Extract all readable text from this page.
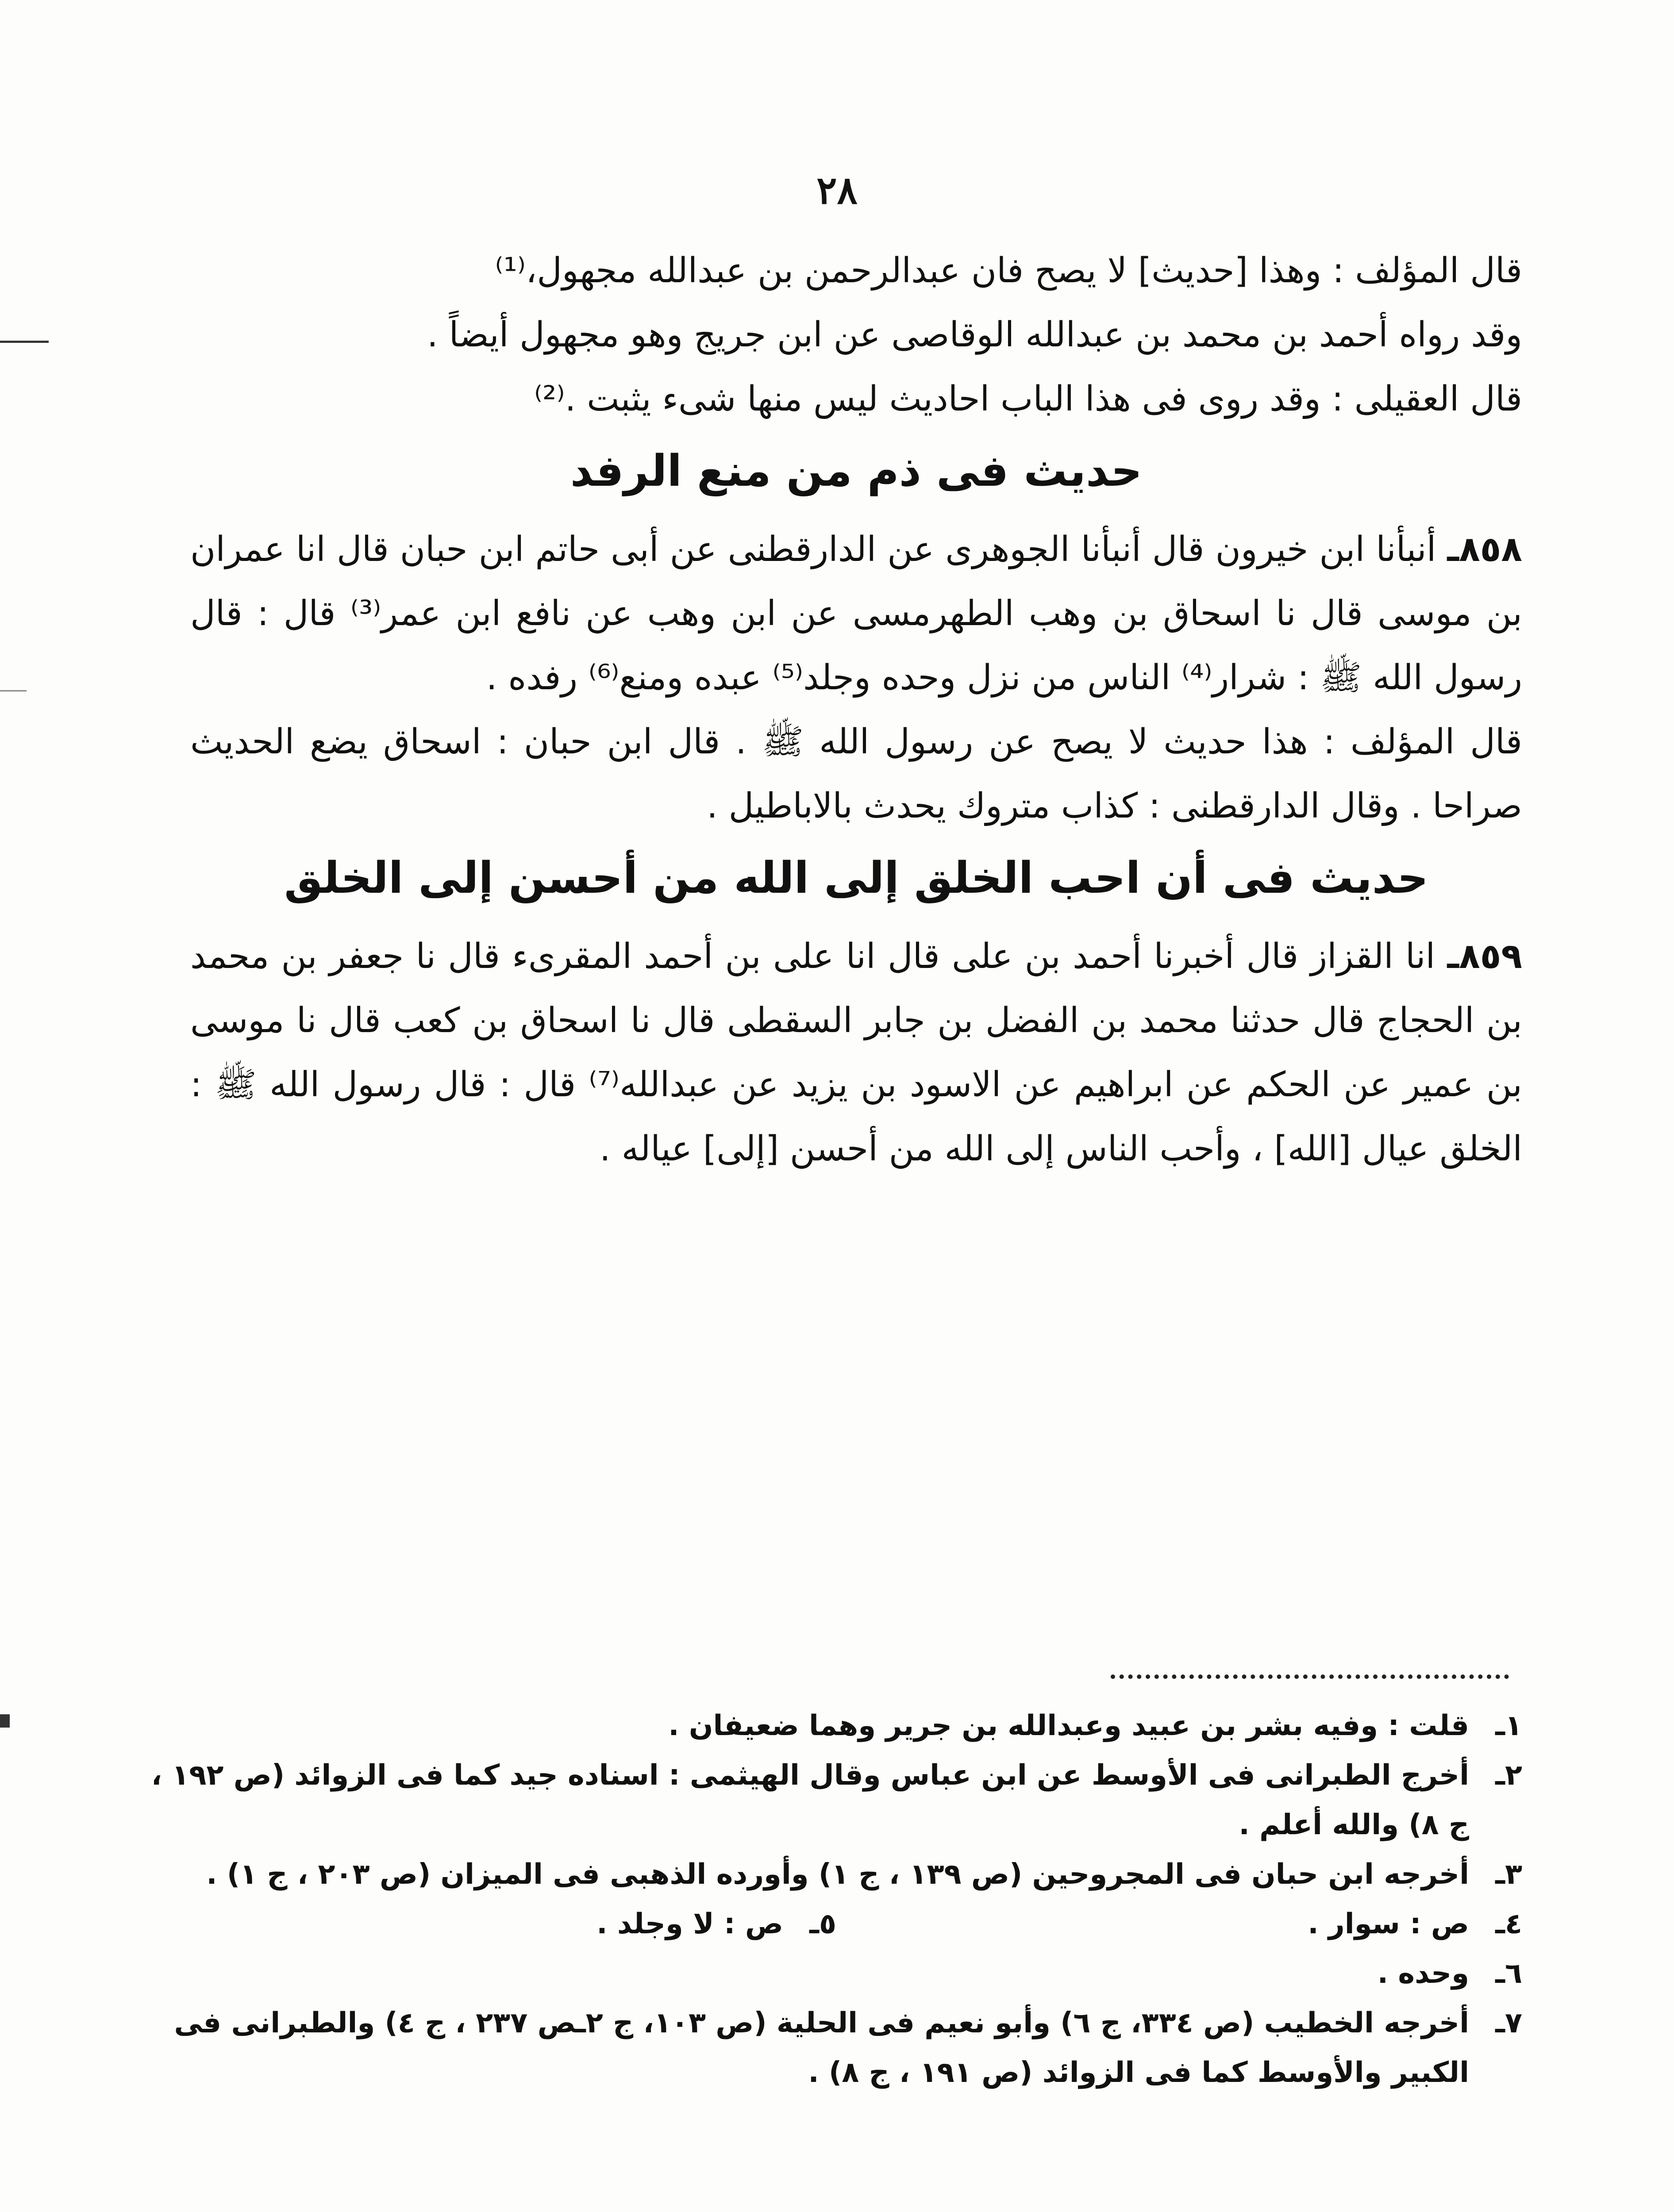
٢٨
قال المؤلف : وهذا [حديث] لا يصح فان عبدالرحمن بن عبدالله مجهول،⁽¹⁾
وقد رواه أحمد بن محمد بن عبدالله الوقاصى عن ابن جريج وهو مجهول أيضاً .
قال العقيلى : وقد روى فى هذا الباب احاديث ليس منها شىء يثبت .⁽²⁾
حديث فى ذم من منع الرفد

٨٥٨ـ أنبأنا ابن خيرون قال أنبأنا الجوهرى عن الدارقطنى عن أبى حاتم ابن حبان قال انا عمران بن موسى قال نا اسحاق بن وهب الطهرمسى عن ابن وهب عن نافع ابن عمر⁽³⁾ قال : قال رسول الله ﷺ : شرار⁽⁴⁾ الناس من نزل وحده وجلد⁽⁵⁾ عبده ومنع⁽⁶⁾ رفده .

قال المؤلف : هذا حديث لا يصح عن رسول الله ﷺ . قال ابن حبان : اسحاق يضع الحديث صراحا . وقال الدارقطنى : كذاب متروك يحدث بالاباطيل .

حديث فى أن احب الخلق إلى الله من أحسن إلى الخلق

٨٥٩ـ انا القزاز قال أخبرنا أحمد بن على قال انا على بن أحمد المقرىء قال نا جعفر بن محمد بن الحجاج قال حدثنا محمد بن الفضل بن جابر السقطى قال نا اسحاق بن كعب قال نا موسى بن عمير عن الحكم عن ابراهيم عن الاسود بن يزيد عن عبدالله⁽⁷⁾ قال : قال رسول الله ﷺ : الخلق عيال [الله] ، وأحب الناس إلى الله من أحسن [إلى] عياله .

١ـ
قلت : وفيه بشر بن عبيد وعبدالله بن جرير وهما ضعيفان .
٢ـ
أخرج الطبرانى فى الأوسط عن ابن عباس وقال الهيثمى : اسناده جيد كما فى الزوائد (ص ١٩٢ ، ج ٨) والله أعلم .
٣ـ
أخرجه ابن حبان فى المجروحين (ص ١٣٩ ، ج ١) وأورده الذهبى فى الميزان (ص ٢٠٣ ، ج ١) .
٤ـ
ص : سوار .
٥ـ
ص : لا وجلد .
٦ـ
وحده .
٧ـ
أخرجه الخطيب (ص ٣٣٤، ج ٦) وأبو نعيم فى الحلية (ص ١٠٣، ج ٢ـص ٢٣٧ ، ج ٤) والطبرانى فى الكبير والأوسط كما فى الزوائد (ص ١٩١ ، ج ٨) .
